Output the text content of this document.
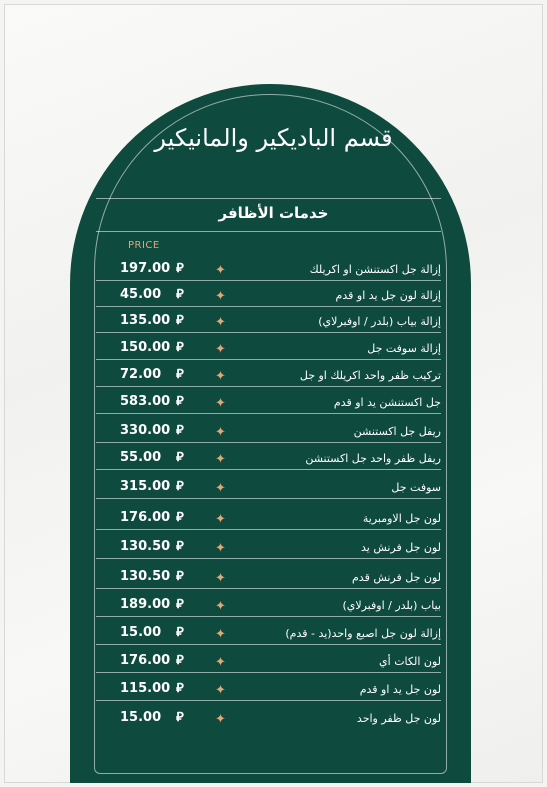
قسم الباديكير والمانيكير
خدمات الأظافر
PRICE
197.00 ⃁ ✦	إزالة جل اكستنشن او اكريلك
45.00 ⃁ ✦	إزالة لون جل يد او قدم
135.00 ⃁ ✦	إزالة بياب (بلدر / اوفبرلاي)
150.00 ⃁ ✦	إزالة سوفت جل
72.00 ⃁ ✦	تركيب ظفر واحد اكريلك او جل
583.00 ⃁ ✦	جل اكستنشن يد او قدم
330.00 ⃁ ✦	ريفل جل اكستنشن
55.00 ⃁ ✦	ريفل ظفر واحد جل اكستنشن
315.00 ⃁ ✦	سوفت جل
176.00 ⃁ ✦	لون جل الاومبرية
130.50 ⃁ ✦	لون جل فرنش يد
130.50 ⃁ ✦	لون جل فرنش قدم
189.00 ⃁ ✦	بياب (بلدر / اوفبرلاي)
15.00 ⃁ ✦	إزالة لون جل اصبع واحد(يد - قدم)
176.00 ⃁ ✦	لون الكات أي
115.00 ⃁ ✦	لون جل يد او قدم
15.00 ⃁ ✦	لون جل ظفر واحد
